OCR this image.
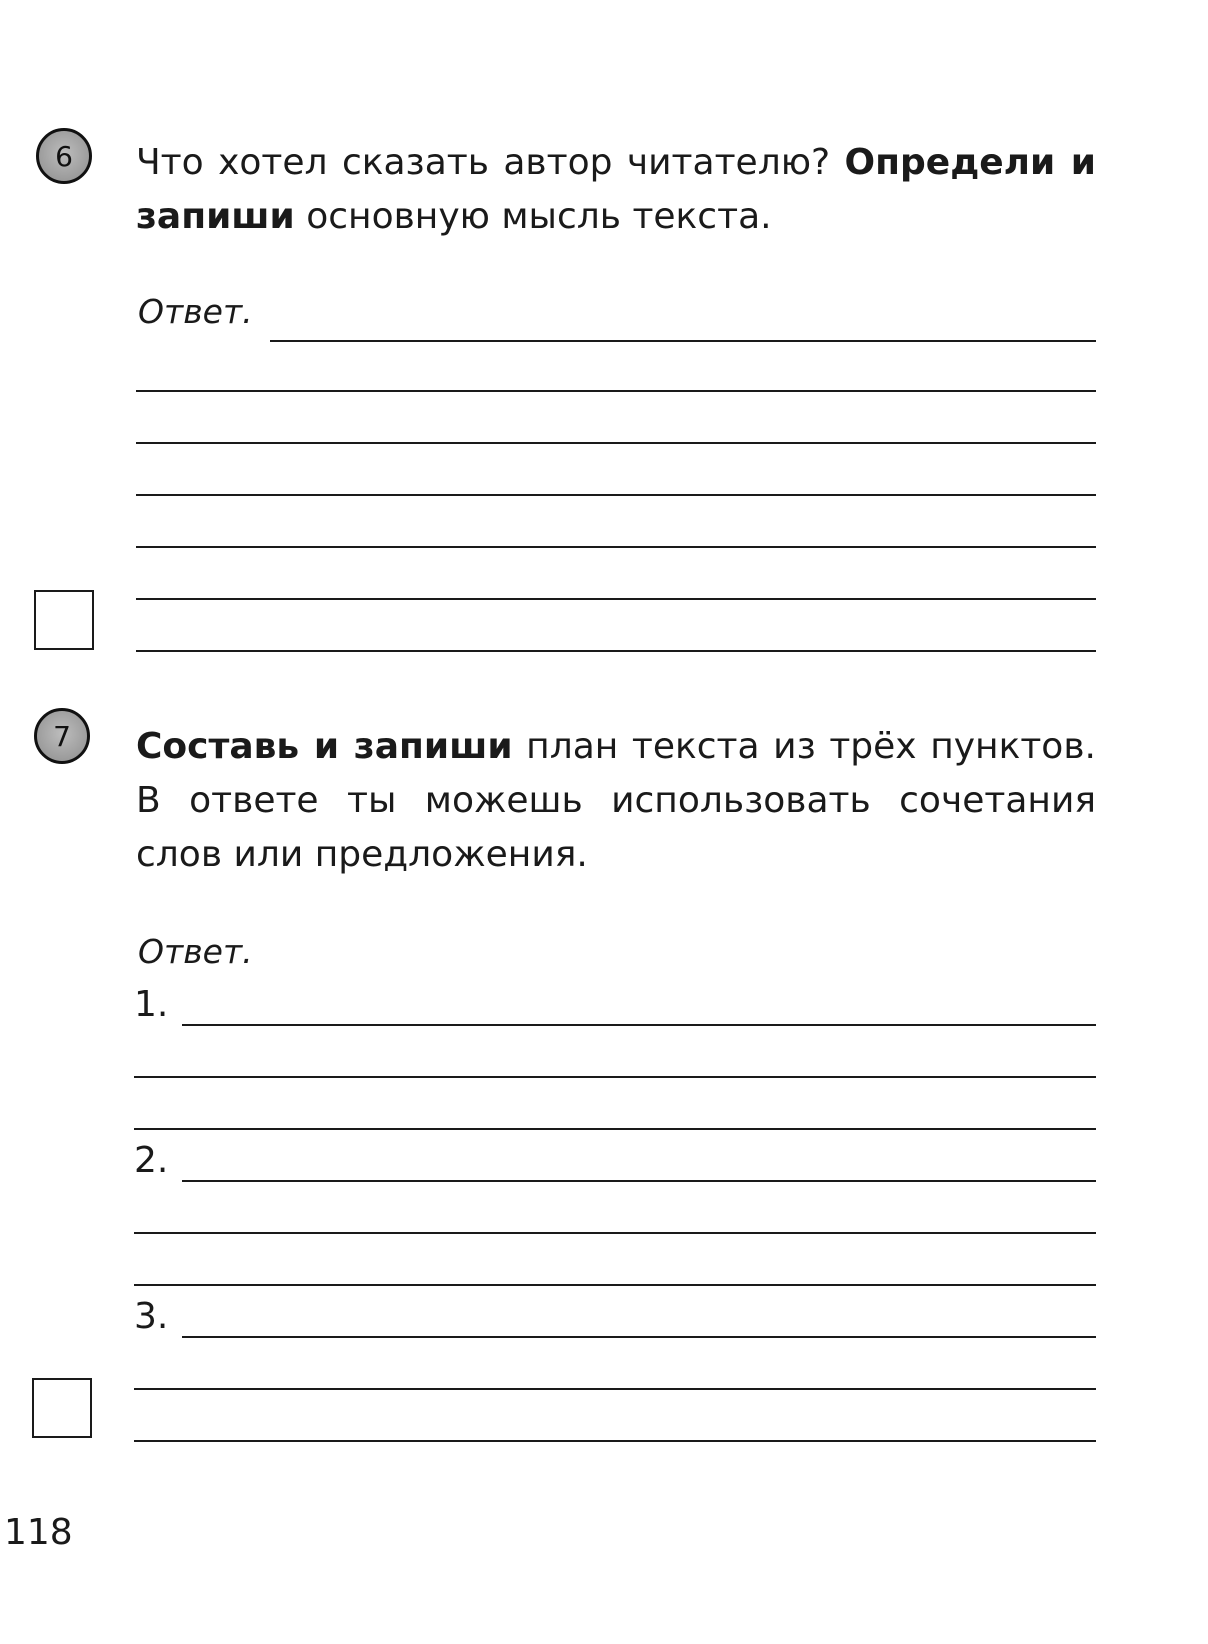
6 Что хотел сказать автор читателю? Определи и запиши основную мысль текста.
Ответ.
7 Составь и запиши план текста из трёх пунктов. В ответе ты можешь использовать сочетания слов или предложения.
Ответ.
1.
2.
3.
118
